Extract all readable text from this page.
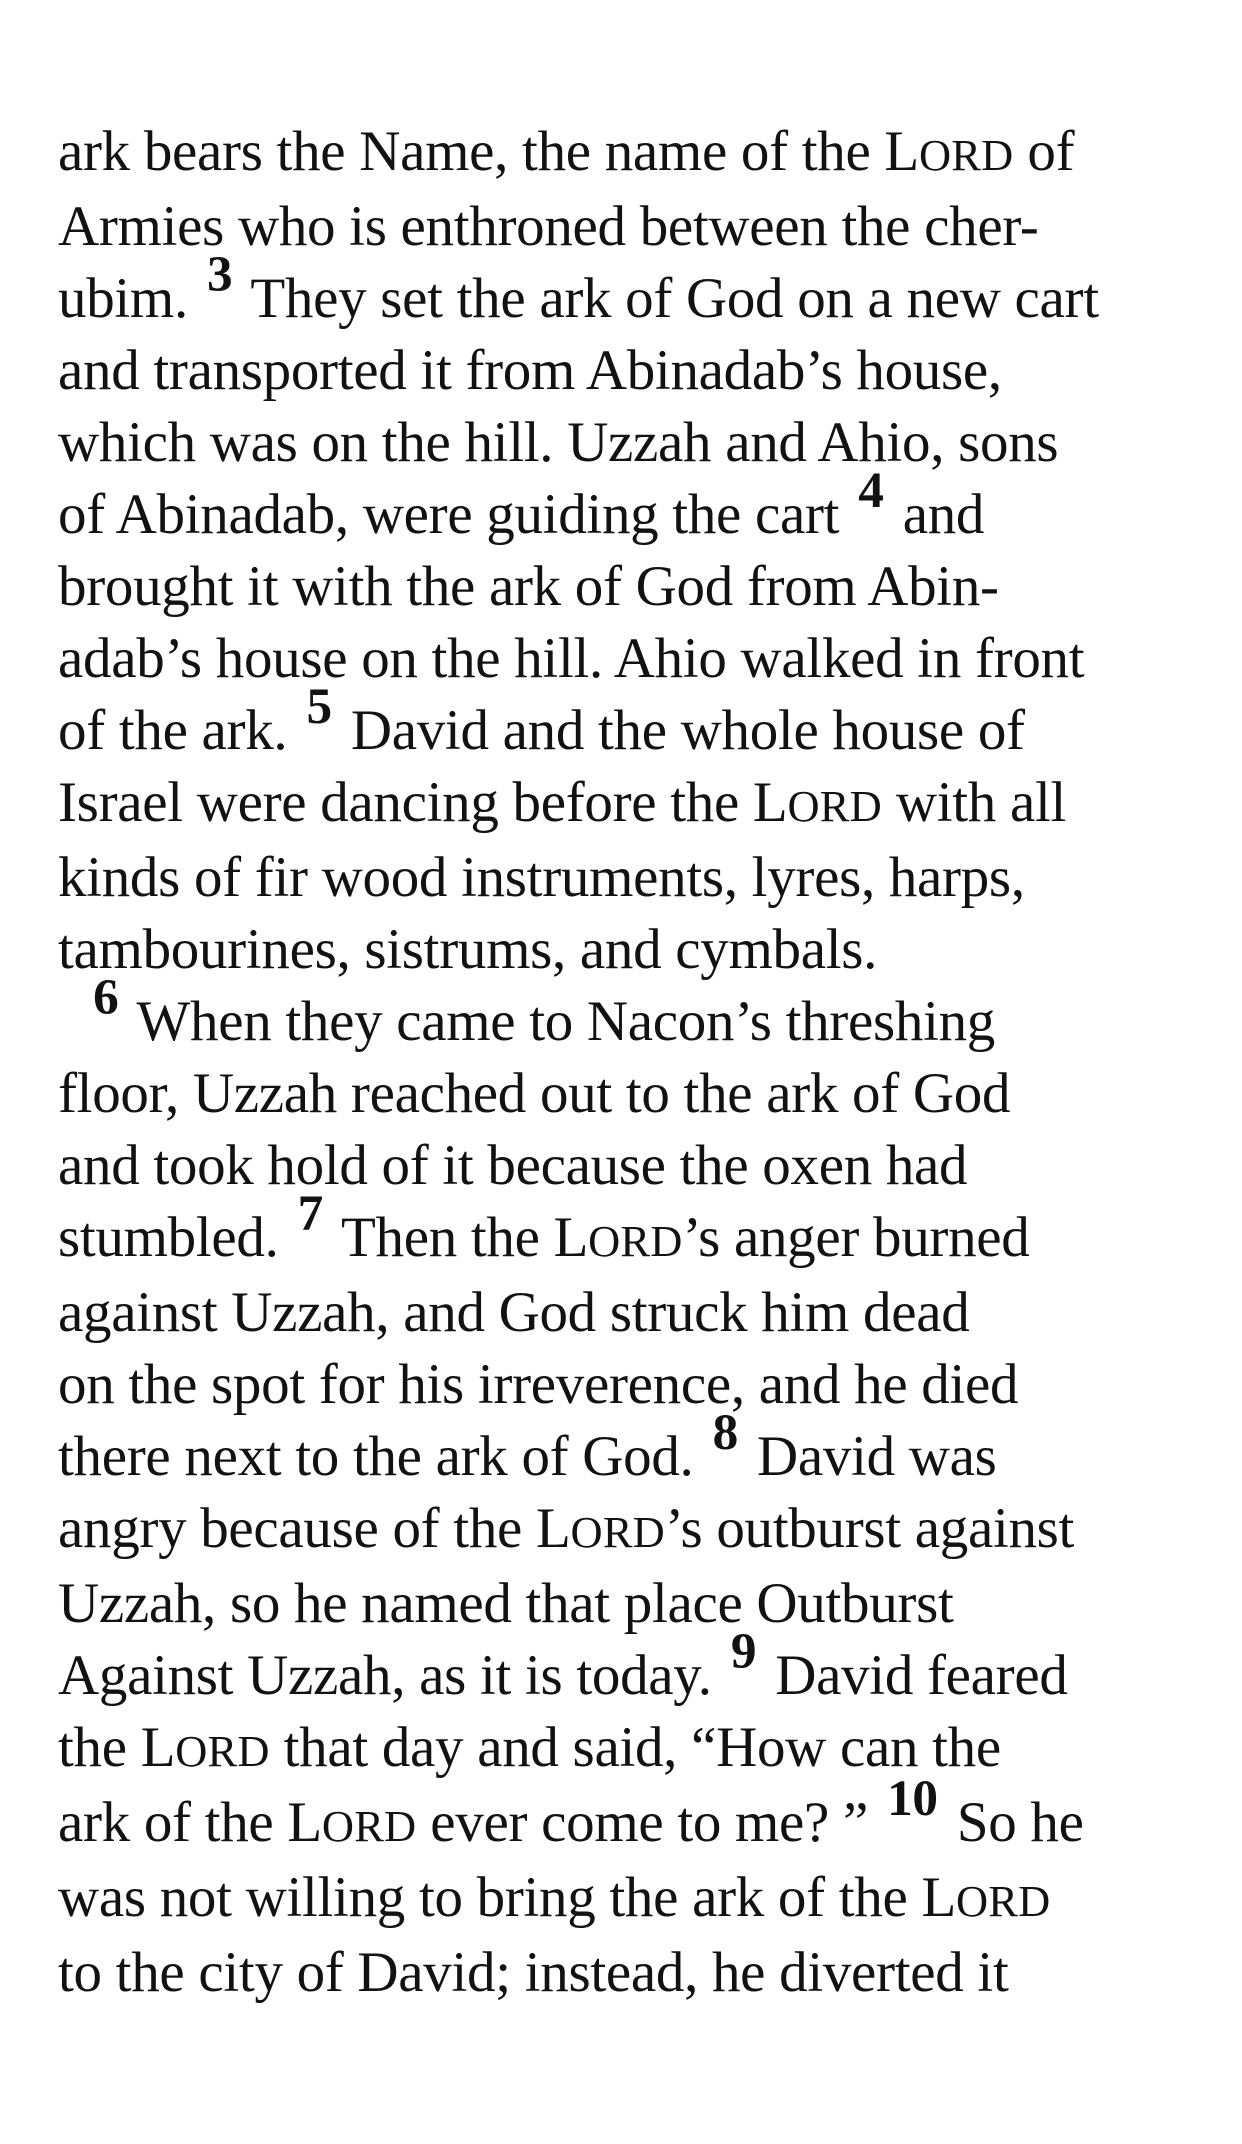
ark bears the Name, the name of the LORD of
Armies who is enthroned between the cher-
ubim. 3 They set the ark of God on a new cart
and transported it from Abinadab’s house,
which was on the hill. Uzzah and Ahio, sons
of Abinadab, were guiding the cart 4 and
brought it with the ark of God from Abin-
adab’s house on the hill. Ahio walked in front
of the ark. 5 David and the whole house of
Israel were dancing before the LORD with all
kinds of fir wood instruments, lyres, harps,
tambourines, sistrums, and cymbals.
6 When they came to Nacon’s threshing
floor, Uzzah reached out to the ark of God
and took hold of it because the oxen had
stumbled. 7 Then the LORD’s anger burned
against Uzzah, and God struck him dead
on the spot for his irreverence, and he died
there next to the ark of God. 8 David was
angry because of the LORD’s outburst against
Uzzah, so he named that place Outburst
Against Uzzah, as it is today. 9 David feared
the LORD that day and said, “How can the
ark of the LORD ever come to me? ” 10 So he
was not willing to bring the ark of the LORD
to the city of David; instead, he diverted it
